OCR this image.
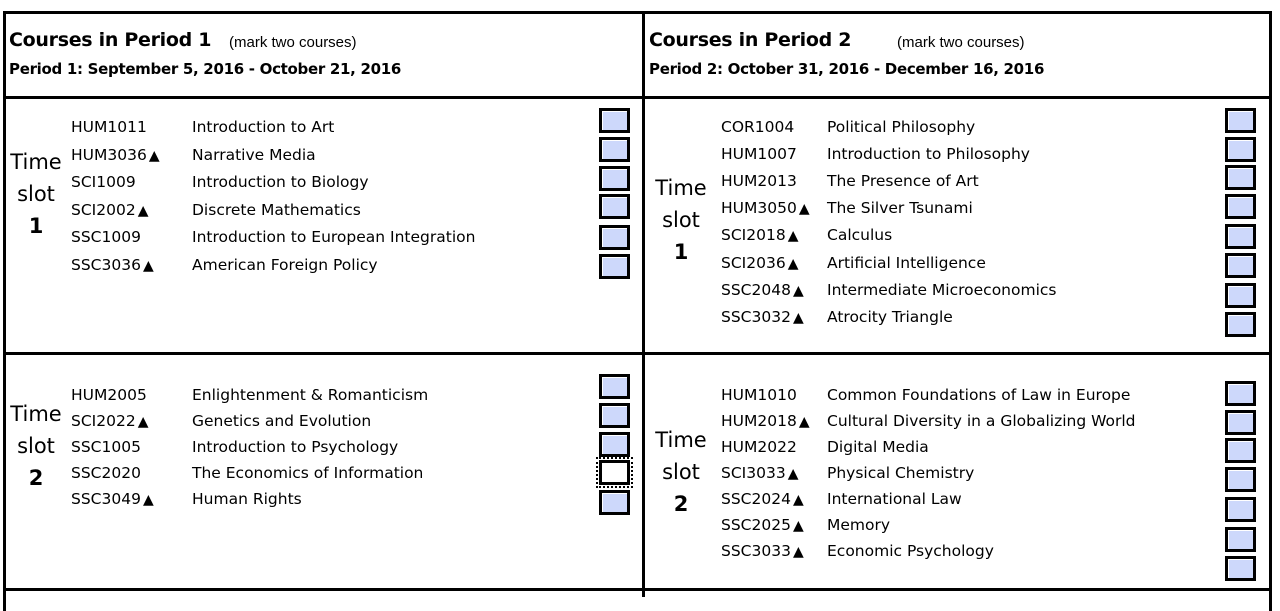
Courses in Period 1 (mark two courses)
Period 1: September 5, 2016 - October 21, 2016
Courses in Period 2	(mark two courses)
Period 2: October 31, 2016 - December 16, 2016
Time
slot
1
Time
slot
2
Time
slot
1
Time
slot
2
HUM1011	Introduction to Art
HUM3036 ▲ Narrative Media
SCI1009	Introduction to Biology
SCI2002 ▲	Discrete Mathematics
SSC1009	Introduction to European Integration
SSC3036 ▲ American Foreign Policy
HUM2005	Enlightenment & Romanticism
SCI2022 ▲	Genetics and Evolution
SSC1005	Introduction to Psychology
SSC2020	The Economics of Information
SSC3049 ▲ Human Rights
COR1004 Political Philosophy
HUM1007 Introduction to Philosophy
HUM2013 The Presence of Art
HUM3050 ▲ The Silver Tsunami
SCI2018 ▲ Calculus
SCI2036 ▲ Artificial Intelligence
SSC2048 ▲ Intermediate Microeconomics
SSC3032 ▲ Atrocity Triangle
HUM1010 Common Foundations of Law in Europe
HUM2018 ▲ Cultural Diversity in a Globalizing World
HUM2022 Digital Media
SCI3033 ▲ Physical Chemistry
SSC2024 ▲ International Law
SSC2025 ▲ Memory
SSC3033 ▲ Economic Psychology
